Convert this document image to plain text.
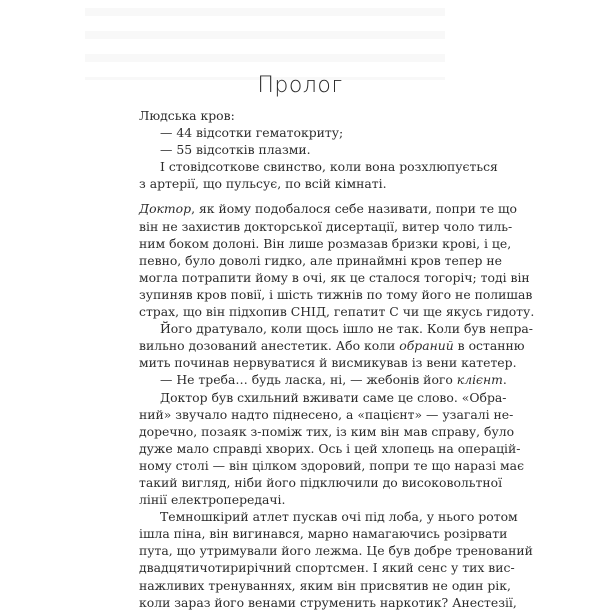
Пролог
Людська кров:
— 44 відсотки гематокриту;
— 55 відсотків плазми.
І стовідсоткове свинство, коли вона розхлюпується
з артерії, що пульсує, по всій кімнаті.
Доктор, як йому подобалося себе називати, попри те що
він не захистив докторської дисертації, витер чоло тиль-
ним боком долоні. Він лише розмазав бризки крові, і це,
певно, було доволі гидко, але принаймні кров тепер не
могла потрапити йому в очі, як це сталося тогоріч; тоді він
зупиняв кров повії, і шість тижнів по тому його не полишав
страх, що він підхопив СНІД, гепатит С чи ще якусь гидоту.
Його дратувало, коли щось ішло не так. Коли був непра-
вильно дозований анестетик. Або коли обраний в останню
мить починав нервуватися й висмикував із вени катетер.
— Не треба… будь ласка, ні, — жебонів його клієнт.
Доктор був схильний вживати саме це слово. «Обра-
ний» звучало надто піднесено, а «пацієнт» — узагалі не-
доречно, позаяк з-поміж тих, із ким він мав справу, було
дуже мало справді хворих. Ось і цей хлопець на операцій-
ному столі — він цілком здоровий, попри те що наразі має
такий вигляд, ніби його підключили до високовольтної
лінії електропередачі.
Темношкірий атлет пускав очі під лоба, у нього ротом
ішла піна, він вигинався, марно намагаючись розірвати
пута, що утримували його лежма. Це був добре тренований
двадцятичотирирічний спортсмен. І який сенс у тих вис-
нажливих тренуваннях, яким він присвятив не один рік,
коли зараз його венами струменить наркотик? Анестезії,
